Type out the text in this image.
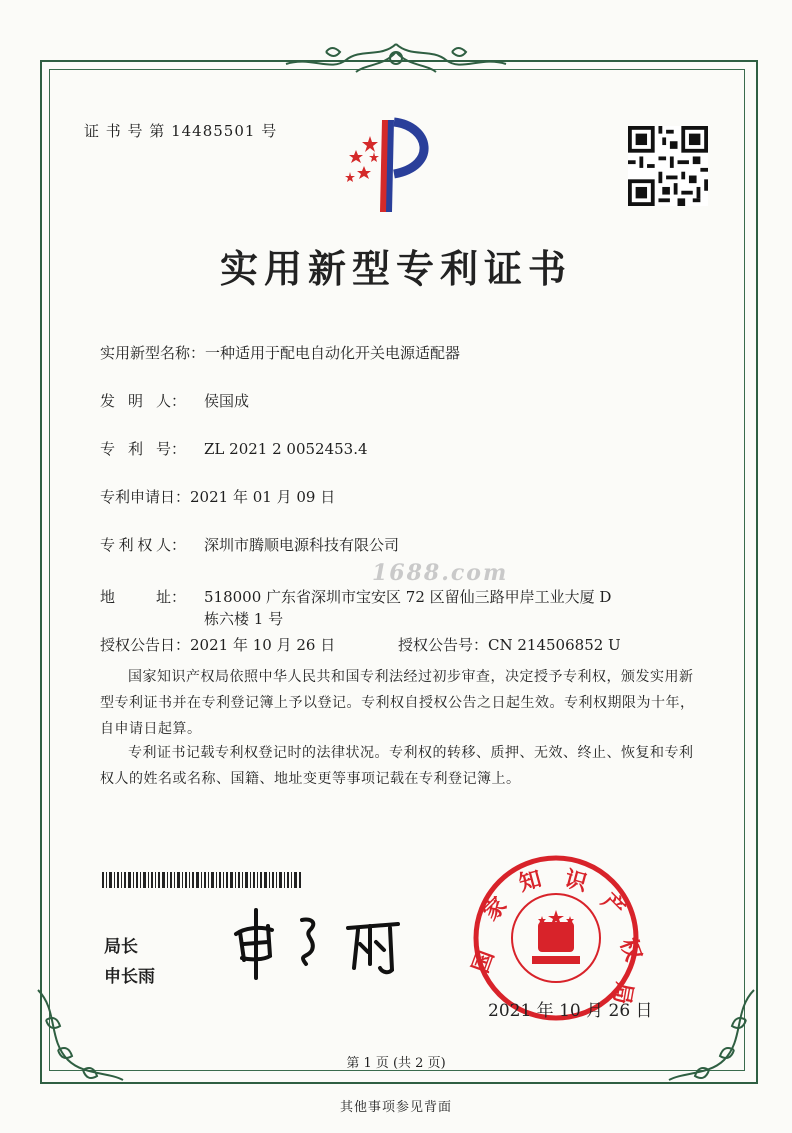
证 书 号 第 14485501 号
实用新型专利证书
实用新型名称：一种适用于配电自动化开关电源适配器
发 明 人： 侯国成
专 利 号： ZL 2021 2 0052453.4
专利申请日：2021 年 01 月 09 日
专 利 权 人： 深圳市腾顺电源科技有限公司
1688.com
地	址： 518000 广东省深圳市宝安区 72 区留仙三路甲岸工业大厦 D
栋六楼 1 号
授权公告日：2021 年 10 月 26 日	授权公告号：CN 214506852 U
国家知识产权局依照中华人民共和国专利法经过初步审查，决定授予专利权，颁发实用新型专利证书并在专利登记簿上予以登记。专利权自授权公告之日起生效。专利权期限为十年，自申请日起算。
专利证书记载专利权登记时的法律状况。专利权的转移、质押、无效、终止、恢复和专利权人的姓名或名称、国籍、地址变更等事项记载在专利登记簿上。
局长
申长雨
国
家
知 识
产
权
局
2021 年 10 月 26 日
第 1 页 (共 2 页)
其他事项参见背面
